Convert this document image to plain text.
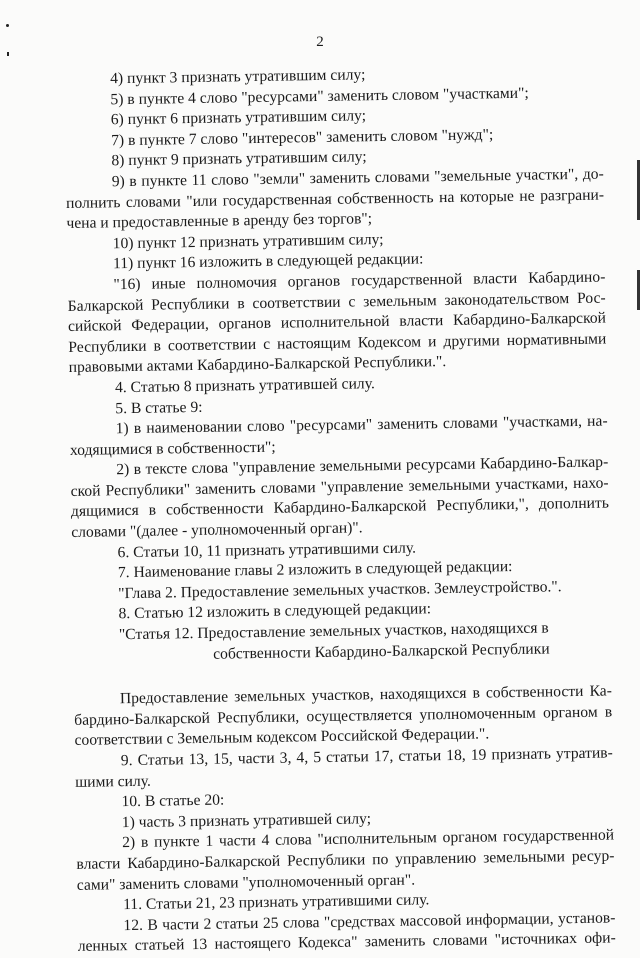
2
4) пункт 3 признать утратившим силу;
5) в пункте 4 слово "ресурсами" заменить словом "участками";
6) пункт 6 признать утратившим силу;
7) в пункте 7 слово "интересов" заменить словом "нужд";
8) пункт 9 признать утратившим силу;
9) в пункте 11 слово "земли" заменить словами "земельные участки", до-
полнить словами "или государственная собственность на которые не разграни-
чена и предоставленные в аренду без торгов";
10) пункт 12 признать утратившим силу;
11) пункт 16 изложить в следующей редакции:
"16) иные полномочия органов государственной власти Кабардино-
Балкарской Республики в соответствии с земельным законодательством Рос-
сийской Федерации, органов исполнительной власти Кабардино-Балкарской
Республики в соответствии с настоящим Кодексом и другими нормативными
правовыми актами Кабардино-Балкарской Республики.".
4. Статью 8 признать утратившей силу.
5. В статье 9:
1) в наименовании слово "ресурсами" заменить словами "участками, на-
ходящимися в собственности";
2) в тексте слова "управление земельными ресурсами Кабардино-Балкар-
ской Республики" заменить словами "управление земельными участками, нахо-
дящимися в собственности Кабардино-Балкарской Республики,", дополнить
словами "(далее - уполномоченный орган)".
6. Статьи 10, 11 признать утратившими силу.
7. Наименование главы 2 изложить в следующей редакции:
"Глава 2. Предоставление земельных участков. Землеустройство.".
8. Статью 12 изложить в следующей редакции:
"Статья 12. Предоставление земельных участков, находящихся в
собственности Кабардино-Балкарской Республики
Предоставление земельных участков, находящихся в собственности Ка-
бардино-Балкарской Республики, осуществляется уполномоченным органом в
соответствии с Земельным кодексом Российской Федерации.".
9. Статьи 13, 15, части 3, 4, 5 статьи 17, статьи 18, 19 признать утратив-
шими силу.
10. В статье 20:
1) часть 3 признать утратившей силу;
2) в пункте 1 части 4 слова "исполнительным органом государственной
власти Кабардино-Балкарской Республики по управлению земельными ресур-
сами" заменить словами "уполномоченный орган".
11. Статьи 21, 23 признать утратившими силу.
12. В части 2 статьи 25 слова "средствах массовой информации, установ-
ленных статьей 13 настоящего Кодекса" заменить словами "источниках офи-
